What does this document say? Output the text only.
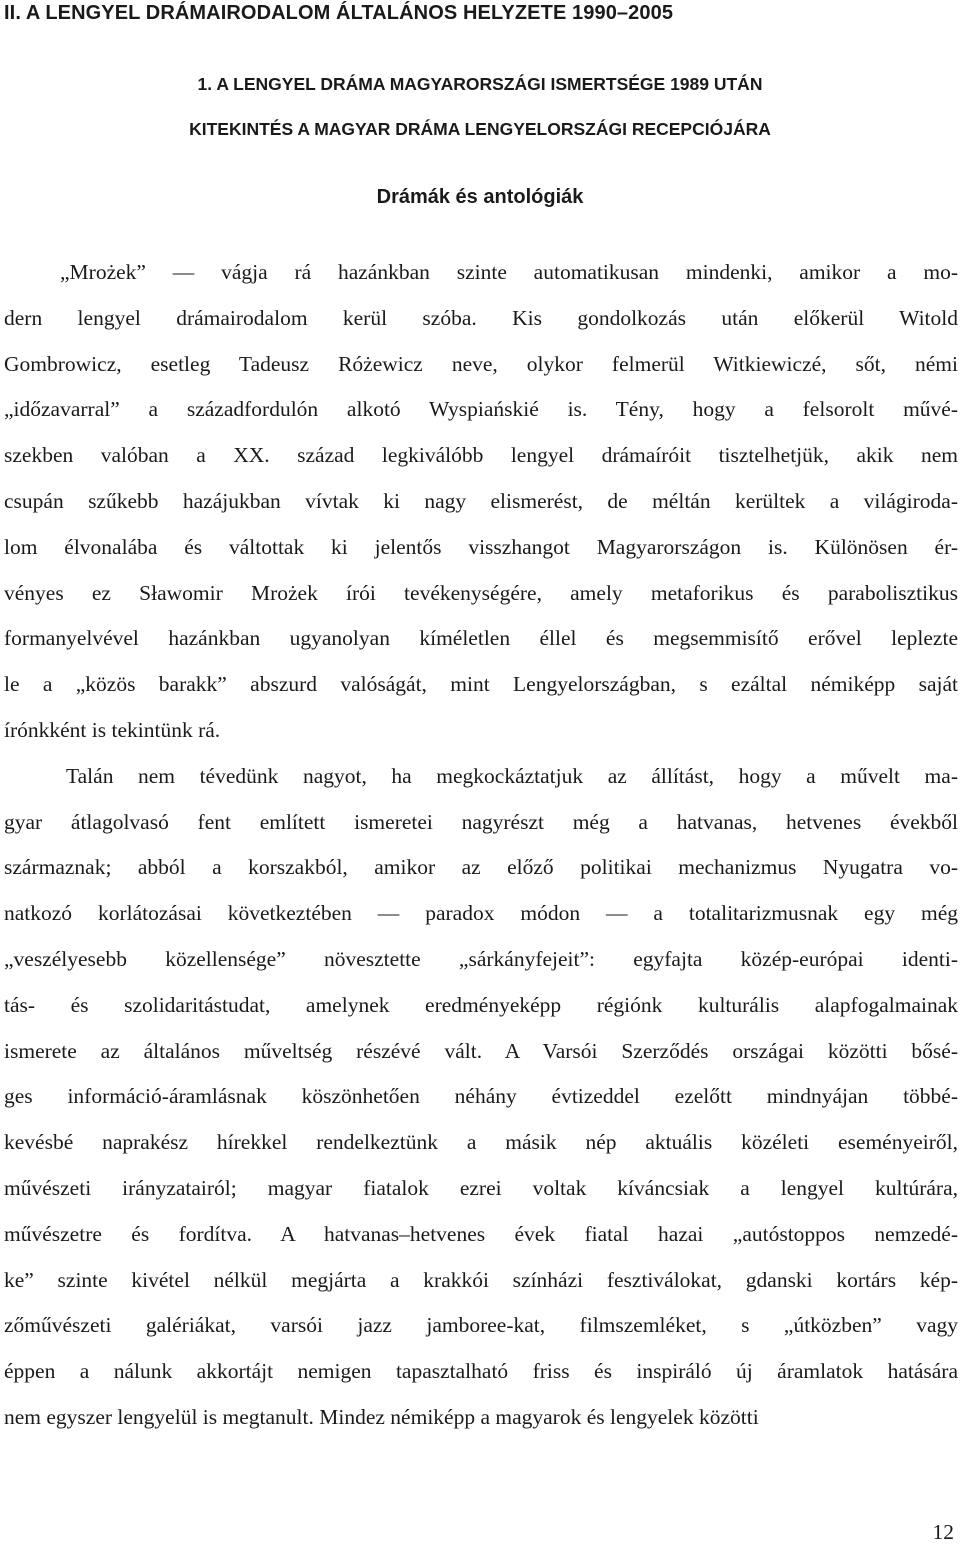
II. A LENGYEL DRÁMAIRODALOM ÁLTALÁNOS HELYZETE 1990–2005
1. A LENGYEL DRÁMA MAGYARORSZÁGI ISMERTSÉGE 1989 UTÁN
KITEKINTÉS A MAGYAR DRÁMA LENGYELORSZÁGI RECEPCIÓJÁRA
Drámák és antológiák

„Mrożek” — vágja rá hazánkban szinte automatikusan mindenki, amikor a mo-
dern lengyel drámairodalom kerül szóba. Kis gondolkozás után előkerül Witold
Gombrowicz, esetleg Tadeusz Różewicz neve, olykor felmerül Witkiewiczé, sőt, némi
„időzavarral” a századfordulón alkotó Wyspiańskié is. Tény, hogy a felsorolt művé-
szekben valóban a XX. század legkiválóbb lengyel drámaíróit tisztelhetjük, akik nem
csupán szűkebb hazájukban vívtak ki nagy elismerést, de méltán kerültek a világiroda-
lom élvonalába és váltottak ki jelentős visszhangot Magyarországon is. Különösen ér-
vényes ez Sławomir Mrożek írói tevékenységére, amely metaforikus és parabolisztikus
formanyelvével hazánkban ugyanolyan kíméletlen éllel és megsemmisítő erővel leplezte
le a „közös barakk” abszurd valóságát, mint Lengyelországban, s ezáltal némiképp saját
írónkként is tekintünk rá.

Talán nem tévedünk nagyot, ha megkockáztatjuk az állítást, hogy a művelt ma-
gyar átlagolvasó fent említett ismeretei nagyrészt még a hatvanas, hetvenes évekből
származnak; abból a korszakból, amikor az előző politikai mechanizmus Nyugatra vo-
natkozó korlátozásai következtében — paradox módon — a totalitarizmusnak egy még
„veszélyesebb közellensége” növesztette „sárkányfejeit”: egyfajta közép-európai identi-
tás- és szolidaritástudat, amelynek eredményeképp régiónk kulturális alapfogalmainak
ismerete az általános műveltség részévé vált. A Varsói Szerződés országai közötti bősé-
ges információ-áramlásnak köszönhetően néhány évtizeddel ezelőtt mindnyájan többé-
kevésbé naprakész hírekkel rendelkeztünk a másik nép aktuális közéleti eseményeiről,
művészeti irányzatairól; magyar fiatalok ezrei voltak kíváncsiak a lengyel kultúrára,
művészetre és fordítva. A hatvanas–hetvenes évek fiatal hazai „autóstoppos nemzedé-
ke” szinte kivétel nélkül megjárta a krakkói színházi fesztiválokat, gdanski kortárs kép-
zőművészeti galériákat, varsói jazz jamboree-kat, filmszemléket, s „útközben” vagy
éppen a nálunk akkortájt nemigen tapasztalható friss és inspiráló új áramlatok hatására
nem egyszer lengyelül is megtanult. Mindez némiképp a magyarok és lengyelek közötti

12
